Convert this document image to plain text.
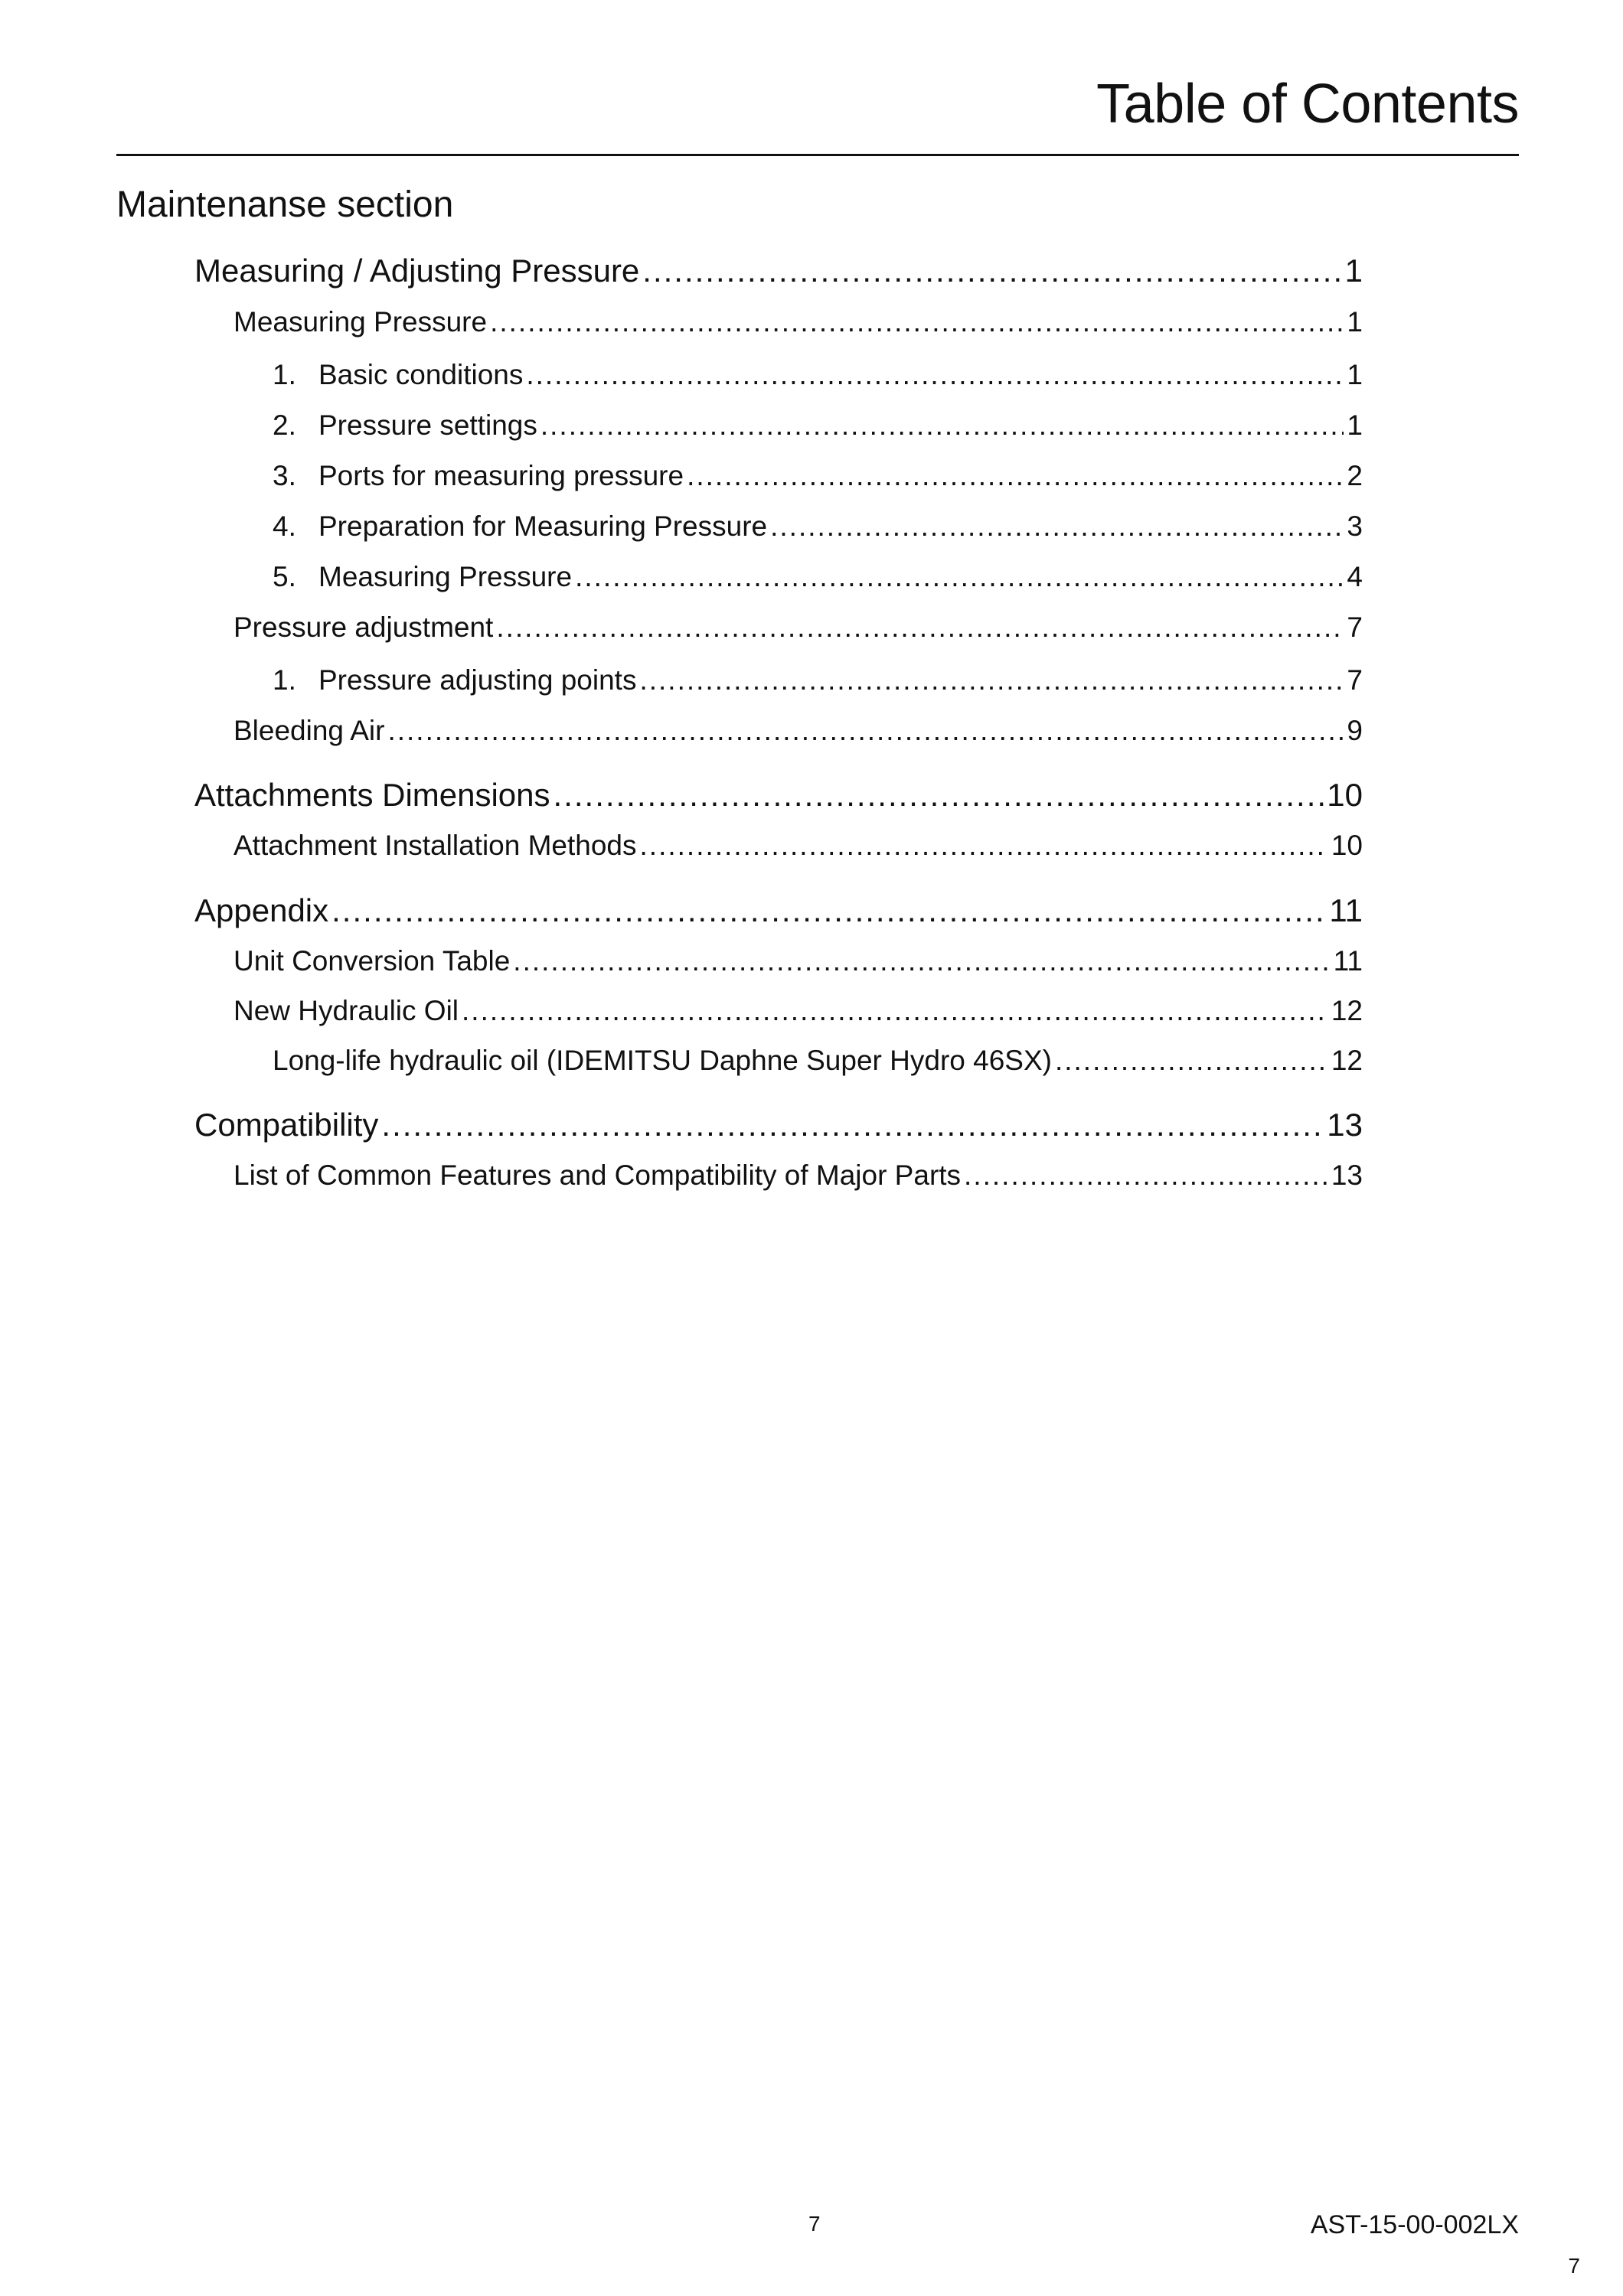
Table of Contents
Maintenanse section
Measuring / Adjusting Pressure .....	1
Measuring Pressure .....	1
1. Basic conditions .....	1
2. Pressure settings .....	1
3. Ports for measuring pressure .....	2
4. Preparation for Measuring Pressure .....	3
5. Measuring Pressure .....	4
Pressure adjustment .....	7
1. Pressure adjusting points .....	7
Bleeding Air .....	9
Attachments Dimensions .....	10
Attachment Installation Methods .....	10
Appendix .....	11
Unit Conversion Table .....	11
New Hydraulic Oil .....	12
Long-life hydraulic oil (IDEMITSU Daphne Super Hydro 46SX) .....	12
Compatibility .....	13
List of Common Features and Compatibility of Major Parts .....	13
7	AST-15-00-002LX
7
